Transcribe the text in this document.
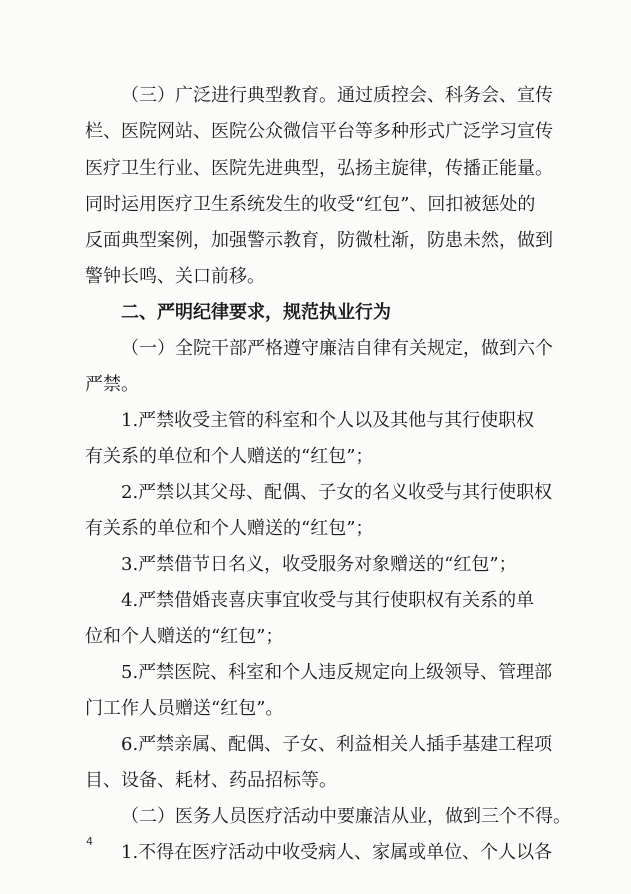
（三）广泛进行典型教育。通过质控会、科务会、宣传
栏、医院网站、医院公众微信平台等多种形式广泛学习宣传
医疗卫生行业、医院先进典型，弘扬主旋律，传播正能量。
同时运用医疗卫生系统发生的收受“红包”、回扣被惩处的
反面典型案例，加强警示教育，防微杜渐，防患未然，做到
警钟长鸣、关口前移。
二、严明纪律要求，规范执业行为
（一）全院干部严格遵守廉洁自律有关规定，做到六个
严禁。
1.严禁收受主管的科室和个人以及其他与其行使职权
有关系的单位和个人赠送的“红包”；
2.严禁以其父母、配偶、子女的名义收受与其行使职权
有关系的单位和个人赠送的“红包”；
3.严禁借节日名义，收受服务对象赠送的“红包”；
4.严禁借婚丧喜庆事宜收受与其行使职权有关系的单
位和个人赠送的“红包”；
5.严禁医院、科室和个人违反规定向上级领导、管理部
门工作人员赠送“红包”。
6.严禁亲属、配偶、子女、利益相关人插手基建工程项
目、设备、耗材、药品招标等。
（二）医务人员医疗活动中要廉洁从业，做到三个不得。
1.不得在医疗活动中收受病人、家属或单位、个人以各
4
